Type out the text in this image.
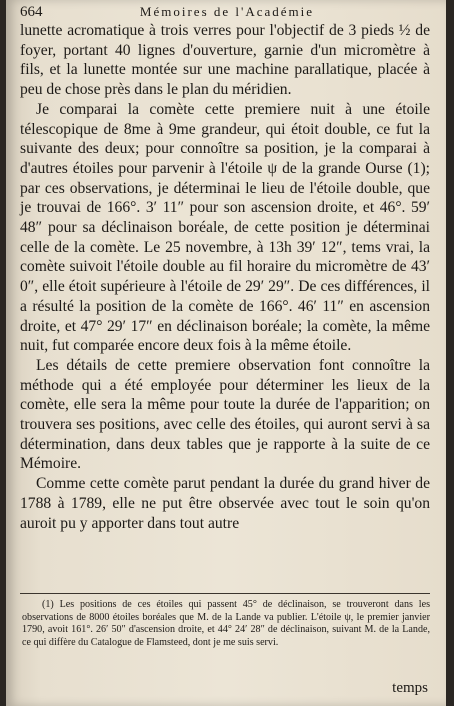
664	Mémoires de l'Académie

lunette acromatique à trois verres pour l'objectif de 3 pieds ½ de foyer, portant 40 lignes d'ouverture, garnie d'un micromètre à fils, et la lunette montée sur une machine parallatique, placée à peu de chose près dans le plan du méridien.

Je comparai la comète cette premiere nuit à une étoile télescopique de 8me à 9me grandeur, qui étoit double, ce fut la suivante des deux; pour connoître sa position, je la comparai à d'autres étoiles pour parvenir à l'étoile ψ de la grande Ourse (1); par ces observations, je déterminai le lieu de l'étoile double, que je trouvai de 166°. 3′ 11″ pour son ascension droite, et 46°. 59′ 48″ pour sa déclinaison boréale, de cette position je déterminai celle de la comète. Le 25 novembre, à 13h 39′ 12″, tems vrai, la comète suivoit l'étoile double au fil horaire du micromètre de 43′ 0″, elle étoit supérieure à l'étoile de 29′ 29″. De ces différences, il a résulté la position de la comète de 166°. 46′ 11″ en ascension droite, et 47° 29′ 17″ en déclinaison boréale; la comète, la même nuit, fut comparée encore deux fois à la même étoile.

Les détails de cette premiere observation font connoître la méthode qui a été employée pour déterminer les lieux de la comète, elle sera la même pour toute la durée de l'apparition; on trouvera ses positions, avec celle des étoiles, qui auront servi à sa détermination, dans deux tables que je rapporte à la suite de ce Mémoire.

Comme cette comète parut pendant la durée du grand hiver de 1788 à 1789, elle ne put être observée avec tout le soin qu'on auroit pu y apporter dans tout autre

(1) Les positions de ces étoiles qui passent 45° de déclinaison, se trouveront dans les observations de 8000 étoiles boréales que M. de la Lande va publier. L'étoile ψ, le premier janvier 1790, avoit 161°. 26′ 50″ d'ascension droite, et 44° 24′ 28″ de déclinaison, suivant M. de la Lande, ce qui diffère du Catalogue de Flamsteed, dont je me suis servi.

temps
